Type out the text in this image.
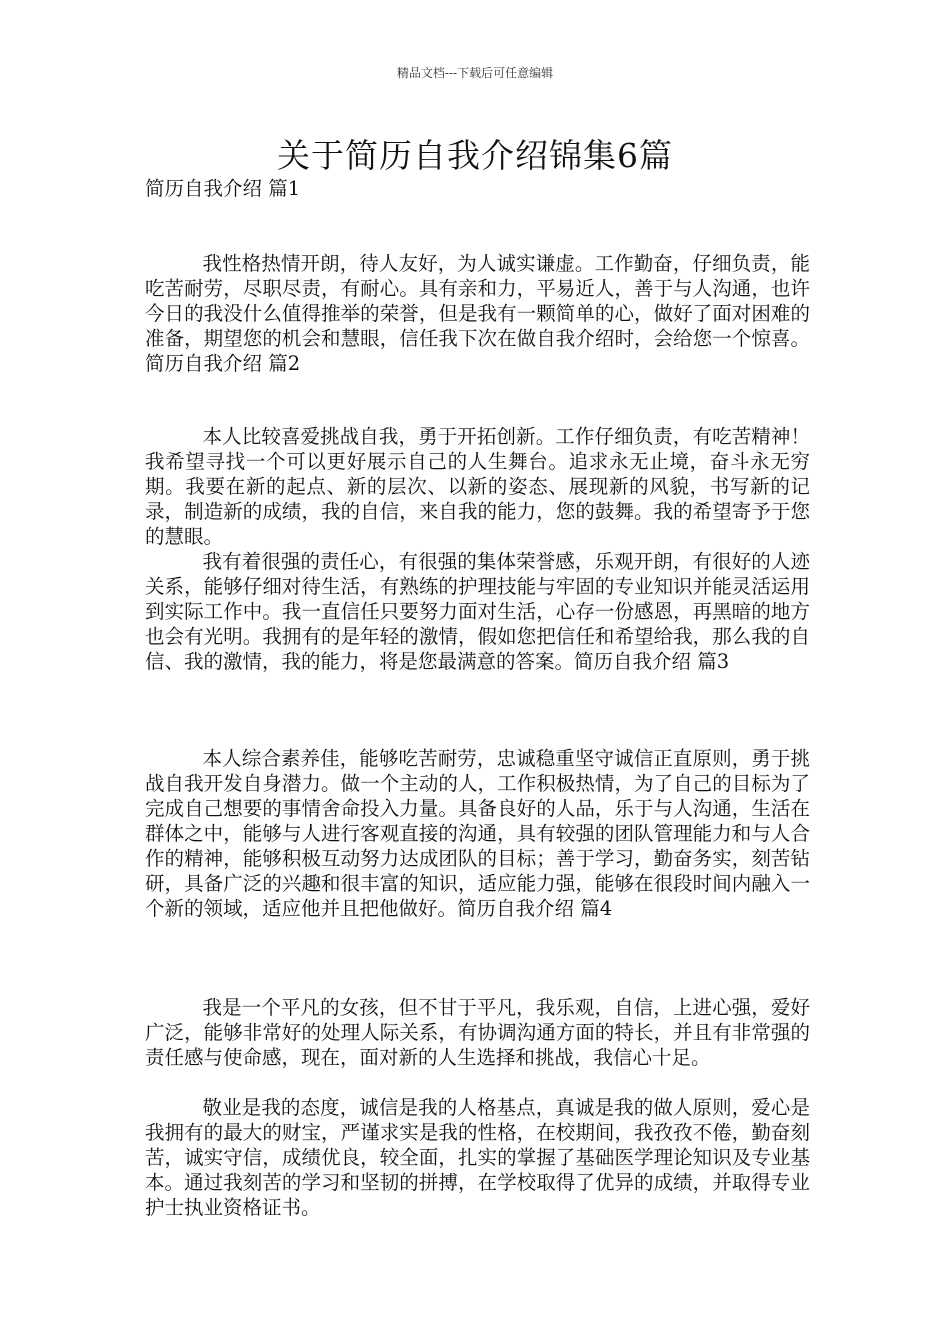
精品文档---下载后可任意编辑
关于简历自我介绍锦集6篇
简历自我介绍 篇1

我性格热情开朗，待人友好，为人诚实谦虚。工作勤奋，仔细负责，能吃苦耐劳，尽职尽责，有耐心。具有亲和力，平易近人，善于与人沟通，也许今日的我没什么值得推举的荣誉，但是我有一颗简单的心，做好了面对困难的准备，期望您的机会和慧眼，信任我下次在做自我介绍时，会给您一个惊喜。简历自我介绍 篇2

本人比较喜爱挑战自我，勇于开拓创新。工作仔细负责，有吃苦精神！我希望寻找一个可以更好展示自己的人生舞台。追求永无止境，奋斗永无穷期。我要在新的起点、新的层次、以新的姿态、展现新的风貌，书写新的记录，制造新的成绩，我的自信，来自我的能力，您的鼓舞。我的希望寄予于您的慧眼。

我有着很强的责任心，有很强的集体荣誉感，乐观开朗，有很好的人迹关系，能够仔细对待生活，有熟练的护理技能与牢固的专业知识并能灵活运用到实际工作中。我一直信任只要努力面对生活，心存一份感恩，再黑暗的地方也会有光明。我拥有的是年轻的激情，假如您把信任和希望给我，那么我的自信、我的激情，我的能力，将是您最满意的答案。简历自我介绍 篇3

本人综合素养佳，能够吃苦耐劳，忠诚稳重坚守诚信正直原则，勇于挑战自我开发自身潜力。做一个主动的人，工作积极热情，为了自己的目标为了完成自己想要的事情舍命投入力量。具备良好的人品，乐于与人沟通，生活在群体之中，能够与人进行客观直接的沟通，具有较强的团队管理能力和与人合作的精神，能够积极互动努力达成团队的目标；善于学习，勤奋务实，刻苦钻研，具备广泛的兴趣和很丰富的知识，适应能力强，能够在很段时间内融入一个新的领域，适应他并且把他做好。简历自我介绍 篇4

我是一个平凡的女孩，但不甘于平凡，我乐观，自信，上进心强，爱好广泛，能够非常好的处理人际关系，有协调沟通方面的特长，并且有非常强的责任感与使命感，现在，面对新的人生选择和挑战，我信心十足。

敬业是我的态度，诚信是我的人格基点，真诚是我的做人原则，爱心是我拥有的最大的财宝，严谨求实是我的性格，在校期间，我孜孜不倦，勤奋刻苦，诚实守信，成绩优良，较全面，扎实的掌握了基础医学理论知识及专业基本。通过我刻苦的学习和坚韧的拼搏，在学校取得了优异的成绩，并取得专业护士执业资格证书。
